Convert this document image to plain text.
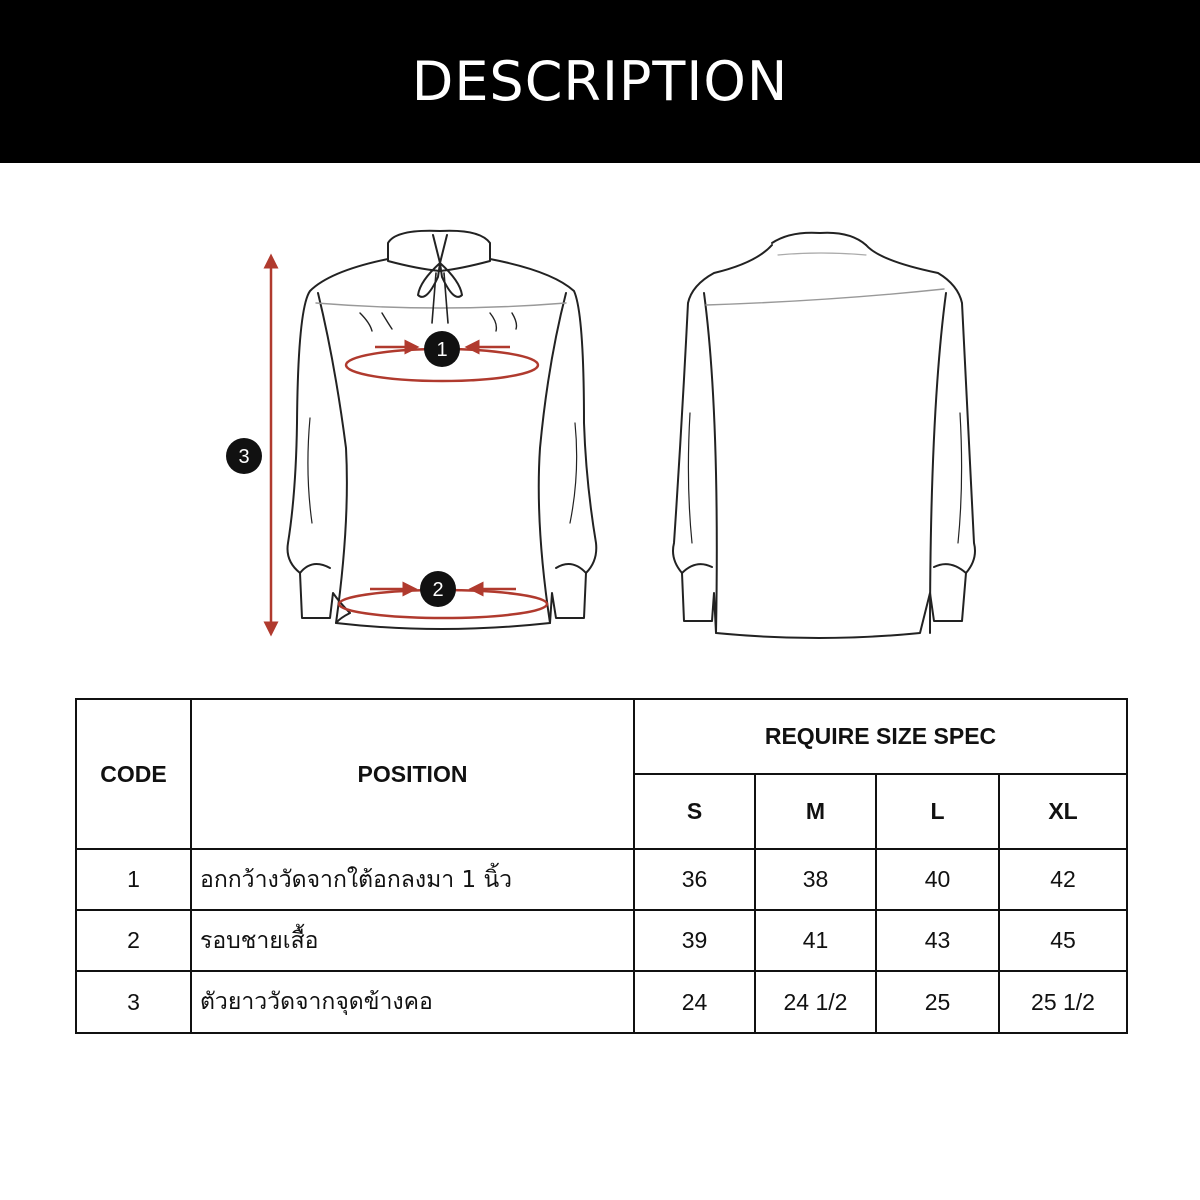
DESCRIPTION
1
2
3
CODE	POSITION	REQUIRE SIZE SPEC			
		S	M	L	XL
1	อกกว้างวัดจากใต้อกลงมา 1 นิ้ว	36	38	40	42
2	รอบชายเสื้อ	39	41	43	45
3	ตัวยาววัดจากจุดข้างคอ	24	24 1/2	25	25 1/2
